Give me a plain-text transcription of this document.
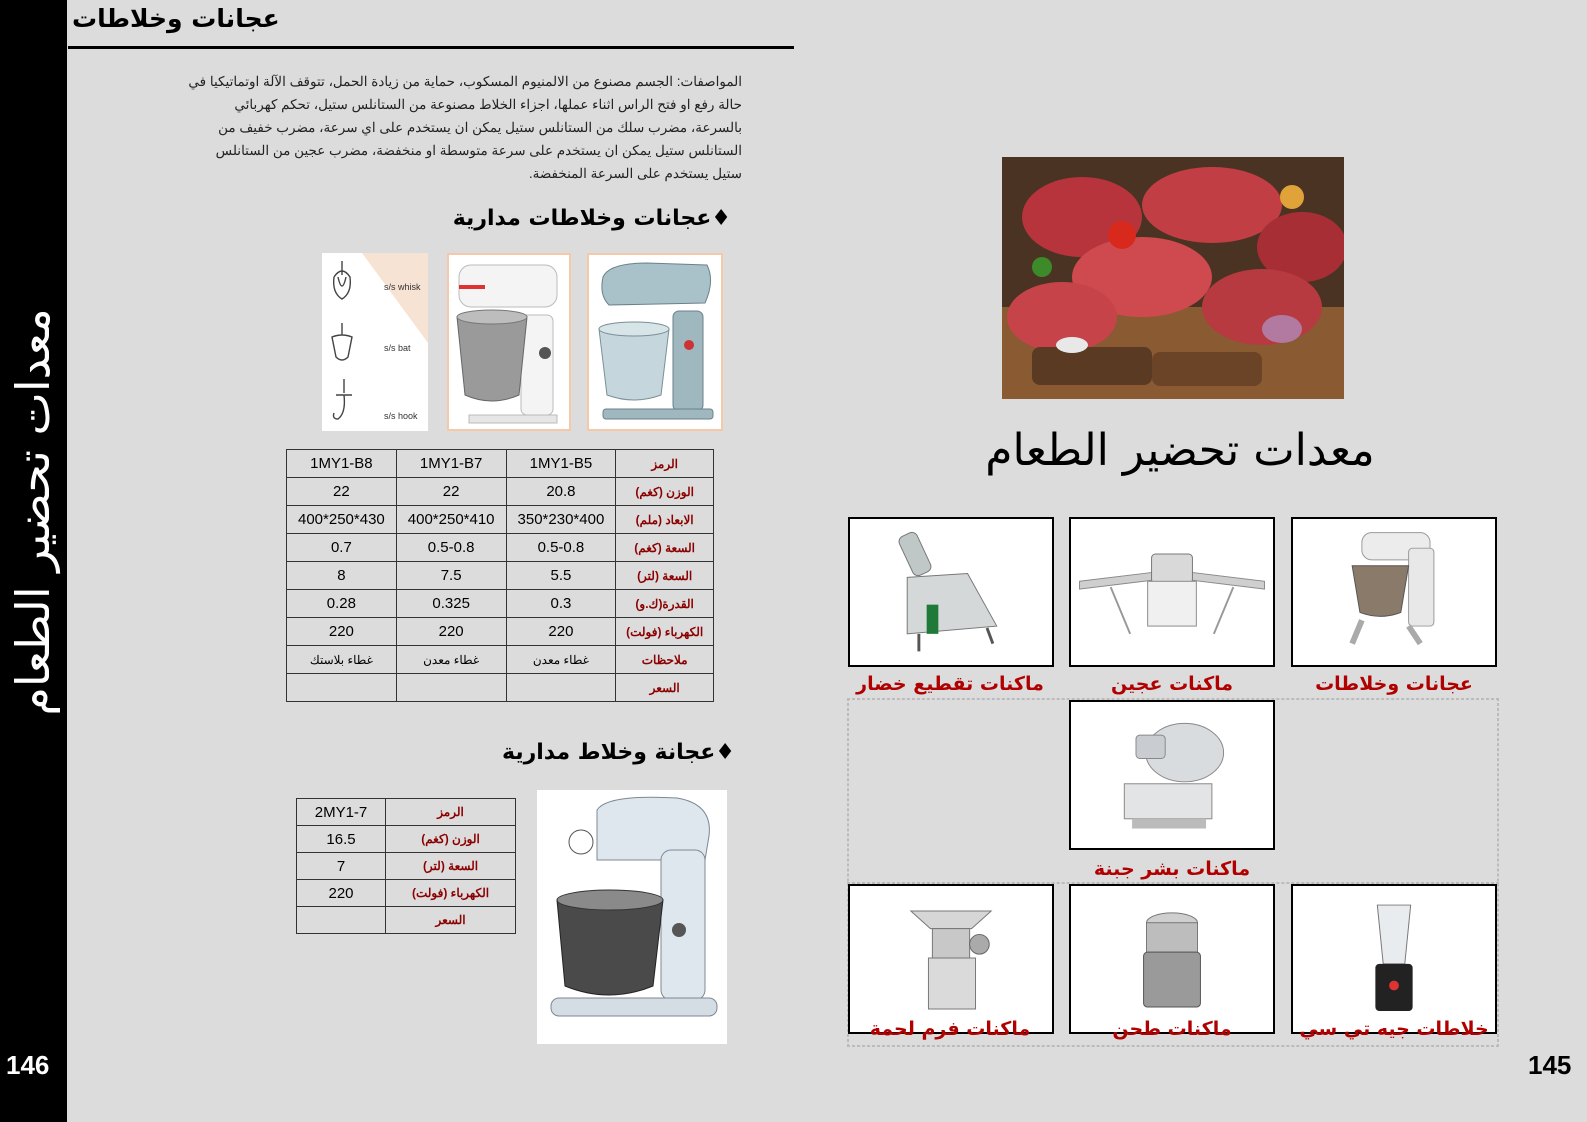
معدات تحضير الطعام
146
عجانات وخلاطات
المواصفات: الجسم مصنوع من الالمنيوم المسكوب، حماية من زيادة الحمل، تتوقف الآلة اوتماتيكيا في
حالة رفع او فتح الراس اثناء عملها، اجزاء الخلاط مصنوعة من الستانلس ستيل، تحكم كهربائي
بالسرعة، مضرب سلك من الستانلس ستيل يمكن ان يستخدم على اي سرعة، مضرب خفيف من
الستانلس ستيل يمكن ان يستخدم على سرعة متوسطة او منخفضة، مضرب عجين من الستانلس
ستيل يستخدم على السرعة المنخفضة.
♦عجانات وخلاطات مدارية
s/s whisk
s/s bat
s/s hook
1MY1-B8	1MY1-B7	1MY1-B5	الرمز
22	22	20.8	الوزن (كغم)
400*250*430	400*250*410	350*230*400	الابعاد (ملم)
0.7	0.5-0.8	0.5-0.8	السعة (كغم)
8	7.5	5.5	السعة (لتر)
0.28	0.325	0.3	القدرة(ك.و)
220	220	220	الكهرباء (فولت)
غطاء بلاستك	غطاء معدن	غطاء معدن	ملاحظات
			السعر
♦عجانة وخلاط مدارية
2MY1-7	الرمز
16.5	الوزن (كغم)
7	السعة (لتر)
220	الكهرباء (فولت)
	السعر
معدات تحضير الطعام
عجانات وخلاطات
ماكنات عجين
ماكنات تقطيع خضار
ماكنات بشر جبنة
خلاطات جيه تي سي
ماكنات طحن
ماكنات فرم لحمة
145
